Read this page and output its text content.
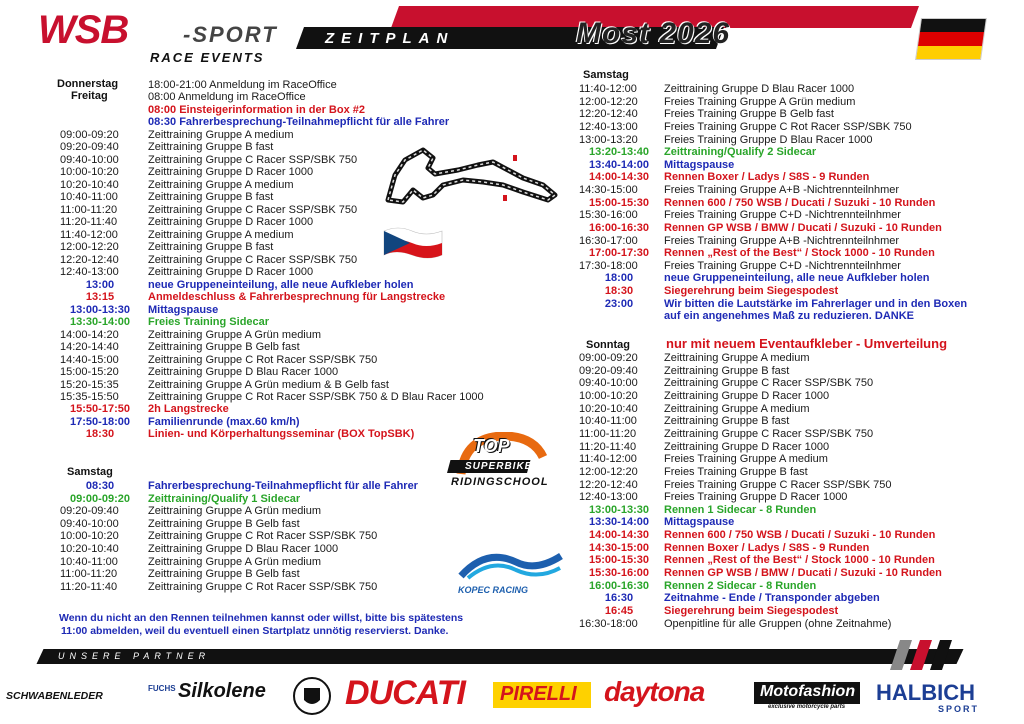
WSB -SPORT
RACE EVENTS
ZEITPLAN	Most 2026
Donnerstag
Freitag
18:00-21:00 Anmeldung im RaceOffice
08:00 Anmeldung im RaceOffice
08:00 Einsteigerinformation in der Box #2
08:30 Fahrerbesprechung-Teilnahmepflicht für alle Fahrer
09:00-09:20	Zeittraining Gruppe A medium
09:20-09:40	Zeittraining Gruppe B fast
09:40-10:00	Zeittraining Gruppe C Racer SSP/SBK 750
10:00-10:20	Zeittraining Gruppe D Racer 1000
10:20-10:40	Zeittraining Gruppe A medium
10:40-11:00	Zeittraining Gruppe B fast
11:00-11:20	Zeittraining Gruppe C Racer SSP/SBK 750
11:20-11:40	Zeittraining Gruppe D Racer 1000
11:40-12:00	Zeittraining Gruppe A medium
12:00-12:20	Zeittraining Gruppe B fast
12:20-12:40	Zeittraining Gruppe C Racer SSP/SBK 750
12:40-13:00	Zeittraining Gruppe D Racer 1000
13:00	neue Gruppeneinteilung, alle neue Aufkleber holen
13:15	Anmeldeschluss & Fahrerbesprechnung für Langstrecke
13:00-13:30	Mittagspause
13:30-14:00	Freies Training Sidecar
14:00-14:20	Zeittraining Gruppe A Grün medium
14:20-14:40	Zeittraining Gruppe B Gelb fast
14:40-15:00	Zeittraining Gruppe C Rot Racer SSP/SBK 750
15:00-15:20	Zeittraining Gruppe D Blau Racer 1000
15:20-15:35	Zeittraining Gruppe A Grün medium & B Gelb fast
15:35-15:50	Zeittraining Gruppe C Rot Racer SSP/SBK 750 & D Blau Racer 1000
15:50-17:50	2h Langstrecke
17:50-18:00	Familienrunde (max.60 km/h)
18:30	Linien- und Körperhaltungsseminar (BOX TopSBK)
Samstag
08:30	Fahrerbesprechung-Teilnahmepflicht für alle Fahrer
09:00-09:20	Zeittraining/Qualify 1 Sidecar
09:20-09:40	Zeittraining Gruppe A Grün medium
09:40-10:00	Zeittraining Gruppe B Gelb fast
10:00-10:20	Zeittraining Gruppe C Rot Racer SSP/SBK 750
10:20-10:40	Zeittraining Gruppe D Blau Racer 1000
10:40-11:00	Zeittraining Gruppe A Grün medium
11:00-11:20	Zeittraining Gruppe B Gelb fast
11:20-11:40	Zeittraining Gruppe C Rot Racer SSP/SBK 750
Wenn du nicht an den Rennen teilnehmen kannst oder willst, bitte bis spätestens
11:00 abmelden, weil du eventuell einen Startplatz unnötig reservierst. Danke.
TOP
SUPERBIKE
RIDINGSCHOOL
KOPEC RACING
Samstag
11:40-12:00	Zeittraining Gruppe D Blau Racer 1000
12:00-12:20	Freies Training Gruppe A Grün medium
12:20-12:40	Freies Training Gruppe B Gelb fast
12:40-13:00	Freies Training Gruppe C Rot Racer SSP/SBK 750
13:00-13:20	Freies Training Gruppe D Blau Racer 1000
13:20-13:40	Zeittraining/Qualify 2 Sidecar
13:40-14:00	Mittagspause
14:00-14:30	Rennen Boxer / Ladys / S8S - 9 Runden
14:30-15:00	Freies Training Gruppe A+B -Nichtrennteilnhmer
15:00-15:30	Rennen 600 / 750 WSB / Ducati / Suzuki - 10 Runden
15:30-16:00	Freies Training Gruppe C+D -Nichtrennteilnhmer
16:00-16:30	Rennen GP WSB / BMW / Ducati / Suzuki - 10 Runden
16:30-17:00	Freies Training Gruppe A+B -Nichtrennteilnhmer
17:00-17:30	Rennen „Rest of the Best“ / Stock 1000 - 10 Runden
17:30-18:00	Freies Training Gruppe C+D -Nichtrennteilnhmer
18:00	neue Gruppeneinteilung, alle neue Aufkleber holen
18:30	Siegerehrung beim Siegespodest
23:00	Wir bitten die Lautstärke im Fahrerlager und in den Boxen
auf ein angenehmes Maß zu reduzieren. DANKE
Sonntag	nur mit neuem Eventaufkleber - Umverteilung
09:00-09:20	Zeittraining Gruppe A medium
09:20-09:40	Zeittraining Gruppe B fast
09:40-10:00	Zeittraining Gruppe C Racer SSP/SBK 750
10:00-10:20	Zeittraining Gruppe D Racer 1000
10:20-10:40	Zeittraining Gruppe A medium
10:40-11:00	Zeittraining Gruppe B fast
11:00-11:20	Zeittraining Gruppe C Racer SSP/SBK 750
11:20-11:40	Zeittraining Gruppe D Racer 1000
11:40-12:00	Freies Training Gruppe A medium
12:00-12:20	Freies Training Gruppe B fast
12:20-12:40	Freies Training Gruppe C Racer SSP/SBK 750
12:40-13:00	Freies Training Gruppe D Racer 1000
13:00-13:30	Rennen 1 Sidecar - 8 Runden
13:30-14:00	Mittagspause
14:00-14:30	Rennen 600 / 750 WSB / Ducati / Suzuki - 10 Runden
14:30-15:00	Rennen Boxer / Ladys / S8S - 9 Runden
15:00-15:30	Rennen „Rest of the Best“ / Stock 1000 - 10 Runden
15:30-16:00	Rennen GP WSB / BMW / Ducati / Suzuki - 10 Runden
16:00-16:30	Rennen 2 Sidecar - 8 Runden
16:30	Zeitnahme - Ende / Transponder abgeben
16:45	Siegerehrung beim Siegespodest
16:30-18:00	Openpitline für alle Gruppen (ohne Zeitnahme)
UNSERE PARTNER
SCHWABENLEDER
FUCHS Silkolene DUCATI PIRELLI daytona	Motofashion
exclusive motorcycle parts
HALBICH
SPORT
